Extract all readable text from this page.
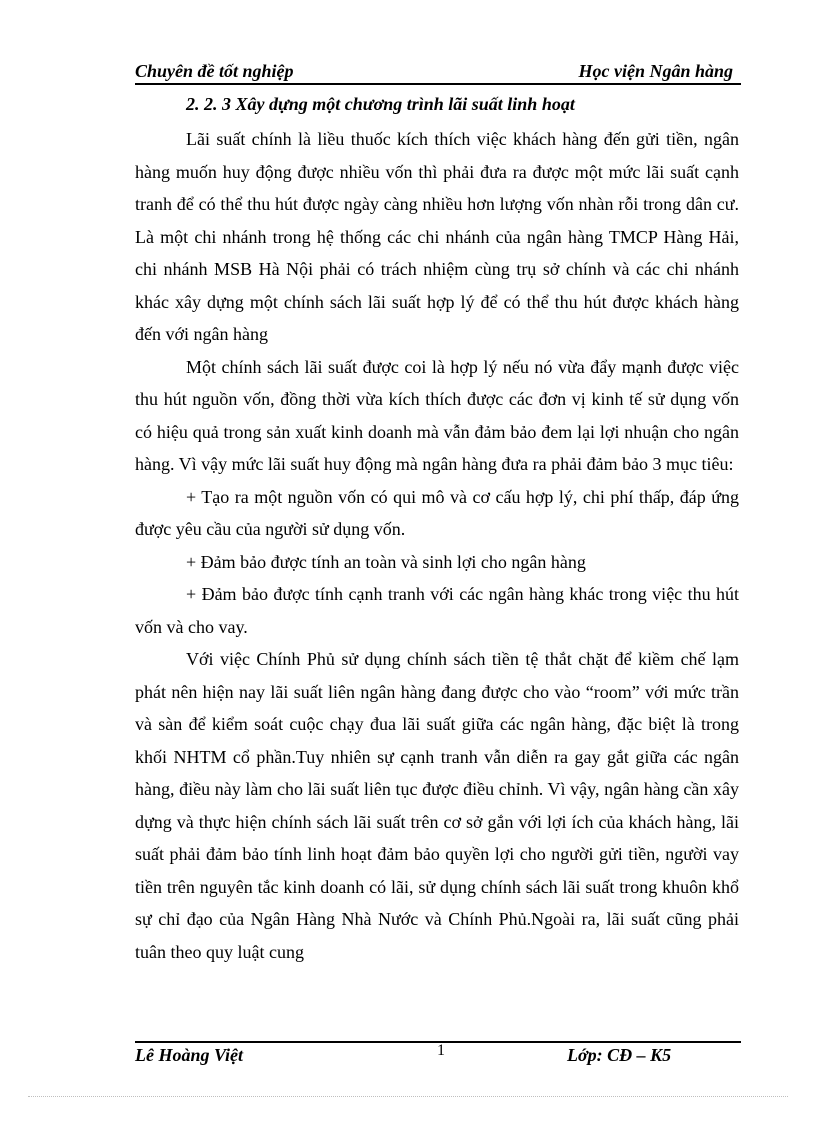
Chuyên đề tốt nghiệp	Học viện Ngân hàng
2. 2. 3 Xây dựng một chương trình lãi suất linh hoạt

Lãi suất chính là liều thuốc kích thích việc khách hàng đến gửi tiền, ngân hàng muốn huy động được nhiều vốn thì phải đưa ra được một mức lãi suất cạnh tranh để có thể thu hút được ngày càng nhiều hơn lượng vốn nhàn rỗi trong dân cư. Là một chi nhánh trong hệ thống các chi nhánh của ngân hàng TMCP Hàng Hải, chi nhánh MSB Hà Nội phải có trách nhiệm cùng trụ sở chính và các chi nhánh khác xây dựng một chính sách lãi suất hợp lý để có thể thu hút được khách hàng đến với ngân hàng

Một chính sách lãi suất được coi là hợp lý nếu nó vừa đẩy mạnh được việc thu hút nguồn vốn, đồng thời vừa kích thích được các đơn vị kinh tế sử dụng vốn có hiệu quả trong sản xuất kinh doanh mà vẫn đảm bảo đem lại lợi nhuận cho ngân hàng. Vì vậy mức lãi suất huy động mà ngân hàng đưa ra phải đảm bảo 3 mục tiêu:

+ Tạo ra một nguồn vốn có qui mô và cơ cấu hợp lý, chi phí thấp, đáp ứng được yêu cầu của người sử dụng vốn.

+ Đảm bảo được tính an toàn và sinh lợi cho ngân hàng

+ Đảm bảo được tính cạnh tranh với các ngân hàng khác trong việc thu hút vốn và cho vay.

Với việc Chính Phủ sử dụng chính sách tiền tệ thắt chặt để kiềm chế lạm phát nên hiện nay lãi suất liên ngân hàng đang được cho vào “room” với mức trần và sàn để kiểm soát cuộc chạy đua lãi suất giữa các ngân hàng, đặc biệt là trong khối NHTM cổ phần.Tuy nhiên sự cạnh tranh vẫn diễn ra gay gắt giữa các ngân hàng, điều này làm cho lãi suất liên tục được điều chỉnh. Vì vậy, ngân hàng cần xây dựng và thực hiện chính sách lãi suất trên cơ sở gắn với lợi ích của khách hàng, lãi suất phải đảm bảo tính linh hoạt đảm bảo quyền lợi cho người gửi tiền, người vay tiền trên nguyên tắc kinh doanh có lãi, sử dụng chính sách lãi suất trong khuôn khổ sự chỉ đạo của Ngân Hàng Nhà Nước và Chính Phủ.Ngoài ra, lãi suất cũng phải tuân theo quy luật cung

Lê Hoàng Việt	1	Lớp: CĐ – K5
